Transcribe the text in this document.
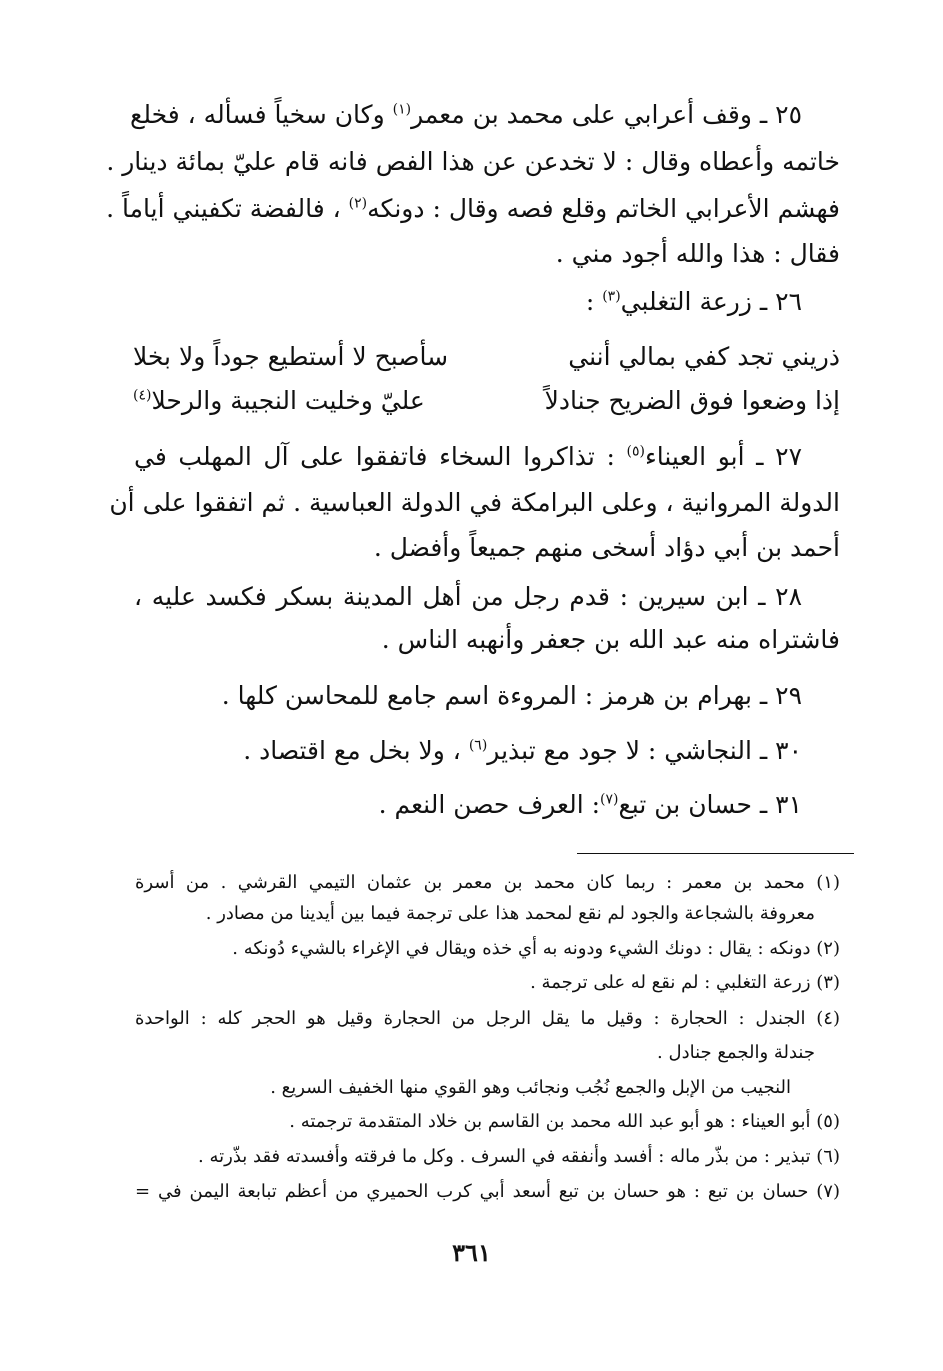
٢٥ ـ وقف أعرابي على محمد بن معمر$^{(١)}$ وكان سخياً فسأله ، فخلع
خاتمه وأعطاه وقال : لا تخدعن عن هذا الفص فانه قام عليّ بمائة دينار .
فهشم الأعرابي الخاتم وقلع فصه وقال : دونكه$^{(٢)}$ ، فالفضة تكفيني أياماً .
فقال : هذا والله أجود مني .
٢٦ ـ زرعة التغلبي$^{(٣)}$ :
ذريني تجد كفي بمالي أنني
سأصبح لا أستطيع جوداً ولا بخلا
إذا وضعوا فوق الضريح جنادلاً
عليّ وخليت النجيبة والرحلا$^{(٤)}$
٢٧ ـ أبو العيناء$^{(٥)}$ : تذاكروا السخاء فاتفقوا على آل المهلب في
الدولة المروانية ، وعلى البرامكة في الدولة العباسية . ثم اتفقوا على أن
أحمد بن أبي دؤاد أسخى منهم جميعاً وأفضل .
٢٨ ـ ابن سيرين : قدم رجل من أهل المدينة بسكر فكسد عليه ،
فاشتراه منه عبد الله بن جعفر وأنهبه الناس .
٢٩ ـ بهرام بن هرمز : المروءة اسم جامع للمحاسن كلها .
٣٠ ـ النجاشي : لا جود مع تبذير$^{(٦)}$ ، ولا بخل مع اقتصاد .
٣١ ـ حسان بن تبع$^{(٧)}$: العرف حصن النعم .
(١) محمد بن معمر : ربما كان محمد بن معمر بن عثمان التيمي القرشي . من أسرة
معروفة بالشجاعة والجود لم نقع لمحمد هذا على ترجمة فيما بين أيدينا من مصادر .
(٢) دونكه : يقال : دونك الشيء ودونه به أي خذه ويقال في الإغراء بالشيء دُونكه .
(٣) زرعة التغلبي : لم نقع له على ترجمة .
(٤) الجندل : الحجارة : وقيل ما يقل الرجل من الحجارة وقيل هو الحجر كله : الواحدة
جندلة والجمع جنادل .
النجيب من الإبل والجمع نُجُب ونجائب وهو القوي منها الخفيف السريع .
(٥) أبو العيناء : هو أبو عبد الله محمد بن القاسم بن خلاد المتقدمة ترجمته .
(٦) تبذير : من بذّر ماله : أفسد وأنفقه في السرف . وكل ما فرقته وأفسدته فقد بذّرته .
(٧) حسان بن تبع : هو حسان بن تبع أسعد أبي كرب الحميري من أعظم تبابعة اليمن في =
٣٦١
